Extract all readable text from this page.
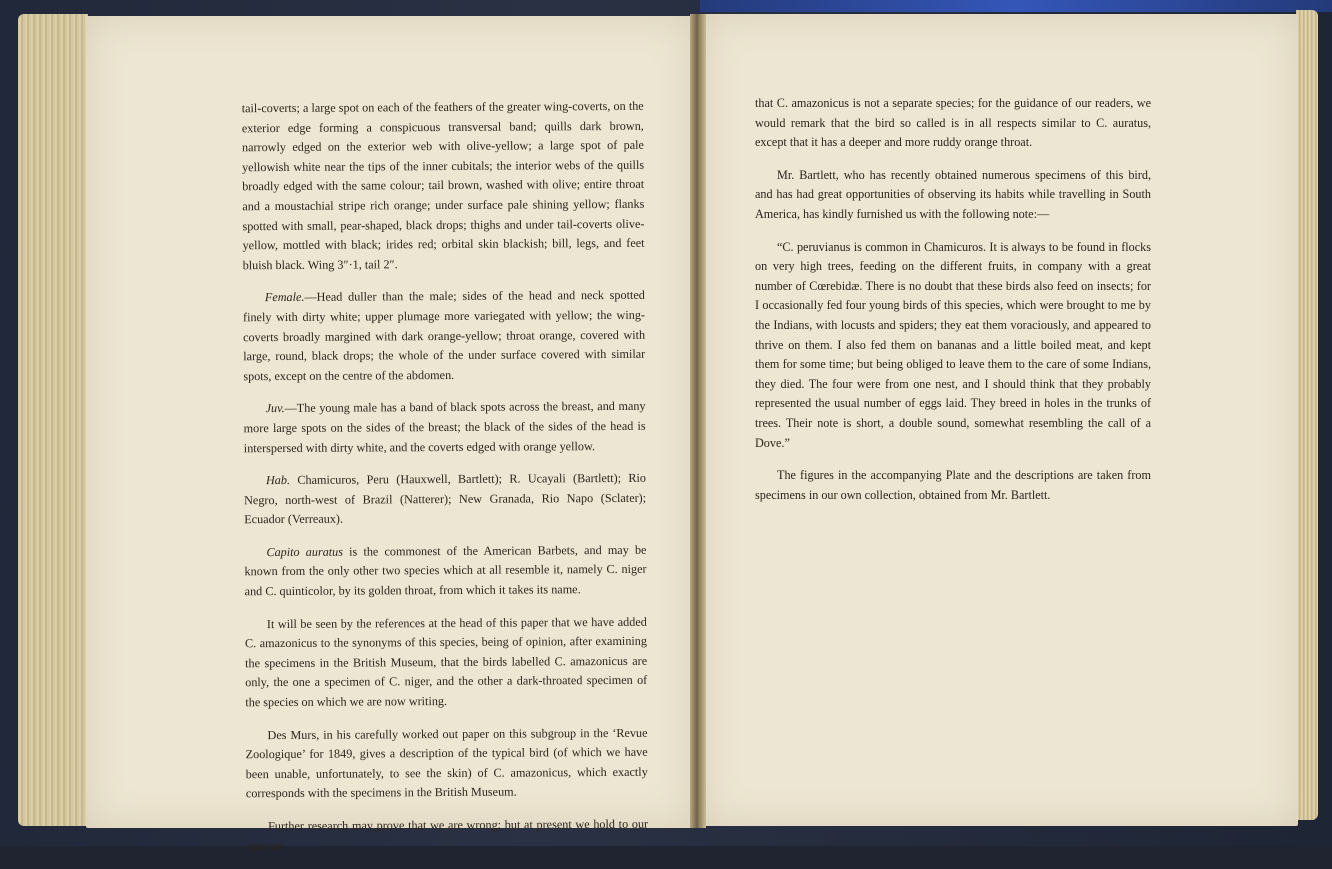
tail-coverts; a large spot on each of the feathers of the greater wing-coverts, on the exterior edge forming a conspicuous transversal band; quills dark brown, narrowly edged on the exterior web with olive-yellow; a large spot of pale yellowish white near the tips of the inner cubitals; the interior webs of the quills broadly edged with the same colour; tail brown, washed with olive; entire throat and a moustachial stripe rich orange; under surface pale shining yellow; flanks spotted with small, pear-shaped, black drops; thighs and under tail-coverts olive-yellow, mottled with black; irides red; orbital skin blackish; bill, legs, and feet bluish black. Wing 3″·1, tail 2″.

Female.—Head duller than the male; sides of the head and neck spotted finely with dirty white; upper plumage more variegated with yellow; the wing-coverts broadly margined with dark orange-yellow; throat orange, covered with large, round, black drops; the whole of the under surface covered with similar spots, except on the centre of the abdomen.

Juv.—The young male has a band of black spots across the breast, and many more large spots on the sides of the breast; the black of the sides of the head is interspersed with dirty white, and the coverts edged with orange yellow.

Hab. Chamicuros, Peru (Hauxwell, Bartlett); R. Ucayali (Bartlett); Rio Negro, north-west of Brazil (Natterer); New Granada, Rio Napo (Sclater); Ecuador (Verreaux).

Capito auratus is the commonest of the American Barbets, and may be known from the only other two species which at all resemble it, namely C. niger and C. quinticolor, by its golden throat, from which it takes its name.

It will be seen by the references at the head of this paper that we have added C. amazonicus to the synonyms of this species, being of opinion, after examining the specimens in the British Museum, that the birds labelled C. amazonicus are only, the one a specimen of C. niger, and the other a dark-throated specimen of the species on which we are now writing.

Des Murs, in his carefully worked out paper on this subgroup in the ‘Revue Zoologique’ for 1849, gives a description of the typical bird (of which we have been unable, unfortunately, to see the skin) of C. amazonicus, which exactly corresponds with the specimens in the British Museum.

Further research may prove that we are wrong; but at present we hold to our opinion

that C. amazonicus is not a separate species; for the guidance of our readers, we would remark that the bird so called is in all respects similar to C. auratus, except that it has a deeper and more ruddy orange throat.

Mr. Bartlett, who has recently obtained numerous specimens of this bird, and has had great opportunities of observing its habits while travelling in South America, has kindly furnished us with the following note:—

“C. peruvianus is common in Chamicuros. It is always to be found in flocks on very high trees, feeding on the different fruits, in company with a great number of Cœrebidæ. There is no doubt that these birds also feed on insects; for I occasionally fed four young birds of this species, which were brought to me by the Indians, with locusts and spiders; they eat them voraciously, and appeared to thrive on them. I also fed them on bananas and a little boiled meat, and kept them for some time; but being obliged to leave them to the care of some Indians, they died. The four were from one nest, and I should think that they probably represented the usual number of eggs laid. They breed in holes in the trunks of trees. Their note is short, a double sound, somewhat resembling the call of a Dove.”

The figures in the accompanying Plate and the descriptions are taken from specimens in our own collection, obtained from Mr. Bartlett.
